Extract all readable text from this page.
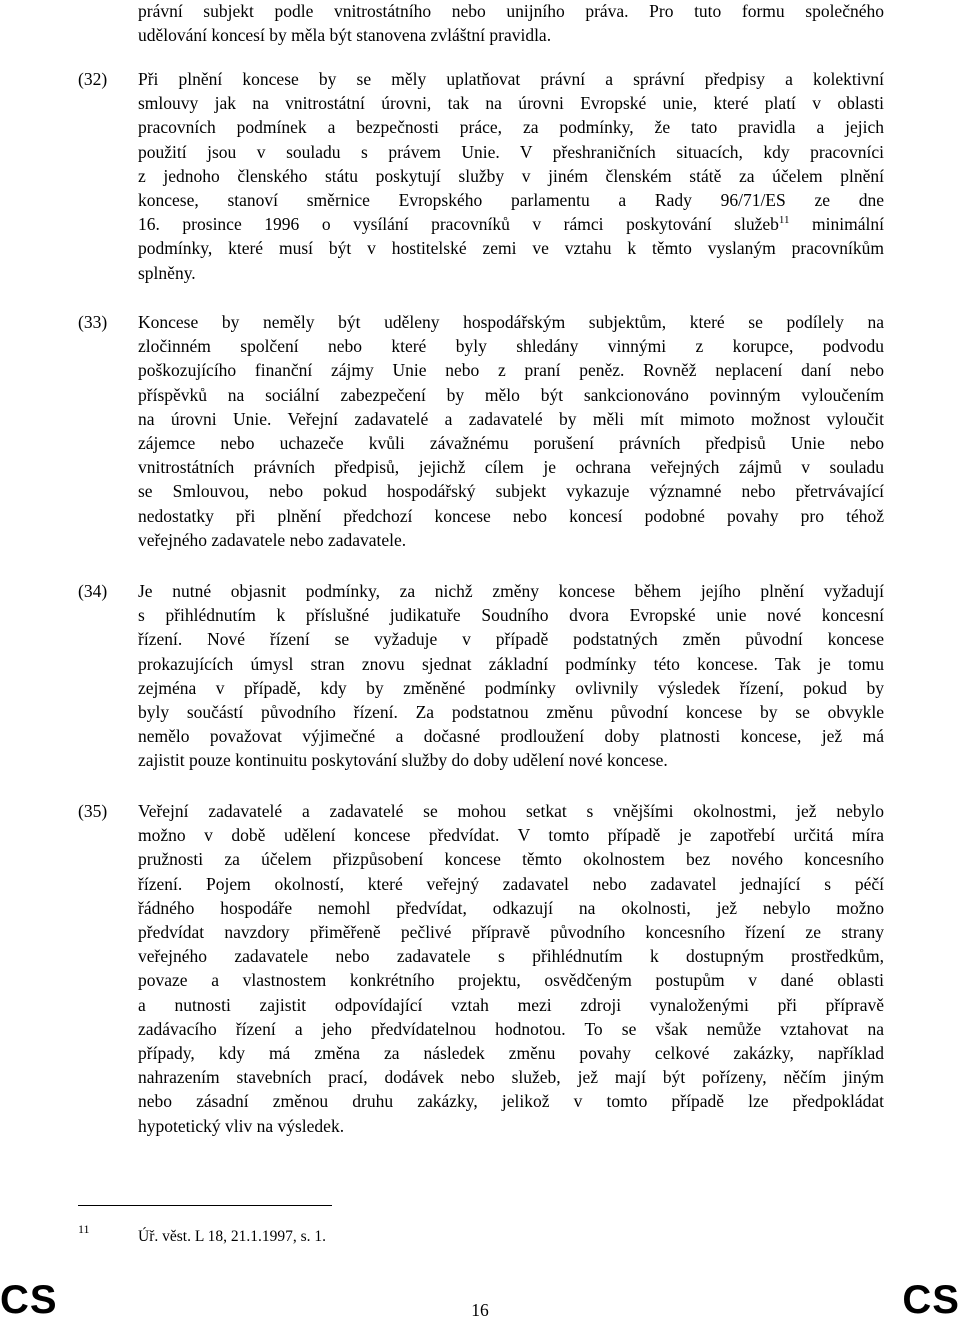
právní subjekt podle vnitrostátního nebo unijního práva. Pro tuto formu společného
udělování koncesí by měla být stanovena zvláštní pravidla.
(32) Při plnění koncese by se měly uplatňovat právní a správní předpisy a kolektivní
smlouvy jak na vnitrostátní úrovni, tak na úrovni Evropské unie, které platí v oblasti
pracovních podmínek a bezpečnosti práce, za podmínky, že tato pravidla a jejich
použití jsou v souladu s právem Unie. V přeshraničních situacích, kdy pracovníci
z jednoho členského státu poskytují služby v jiném členském státě za účelem plnění
koncese, stanoví směrnice Evropského parlamentu a Rady 96/71/ES ze dne
16. prosince 1996 o vysílání pracovníků v rámci poskytování služeb$^{11}$ minimální
podmínky, které musí být v hostitelské zemi ve vztahu k těmto vyslaným pracovníkům
splněny.
(33) Koncese by neměly být uděleny hospodářským subjektům, které se podílely na
zločinném spolčení nebo které byly shledány vinnými z korupce, podvodu
poškozujícího finanční zájmy Unie nebo z praní peněz. Rovněž neplacení daní nebo
příspěvků na sociální zabezpečení by mělo být sankcionováno povinným vyloučením
na úrovni Unie. Veřejní zadavatelé a zadavatelé by měli mít mimoto možnost vyloučit
zájemce nebo uchazeče kvůli závažnému porušení právních předpisů Unie nebo
vnitrostátních právních předpisů, jejichž cílem je ochrana veřejných zájmů v souladu
se Smlouvou, nebo pokud hospodářský subjekt vykazuje významné nebo přetrvávající
nedostatky při plnění předchozí koncese nebo koncesí podobné povahy pro téhož
veřejného zadavatele nebo zadavatele.
(34) Je nutné objasnit podmínky, za nichž změny koncese během jejího plnění vyžadují
s přihlédnutím k příslušné judikatuře Soudního dvora Evropské unie nové koncesní
řízení. Nové řízení se vyžaduje v případě podstatných změn původní koncese
prokazujících úmysl stran znovu sjednat základní podmínky této koncese. Tak je tomu
zejména v případě, kdy by změněné podmínky ovlivnily výsledek řízení, pokud by
byly součástí původního řízení. Za podstatnou změnu původní koncese by se obvykle
nemělo považovat výjimečné a dočasné prodloužení doby platnosti koncese, jež má
zajistit pouze kontinuitu poskytování služby do doby udělení nové koncese.
(35) Veřejní zadavatelé a zadavatelé se mohou setkat s vnějšími okolnostmi, jež nebylo
možno v době udělení koncese předvídat. V tomto případě je zapotřebí určitá míra
pružnosti za účelem přizpůsobení koncese těmto okolnostem bez nového koncesního
řízení. Pojem okolností, které veřejný zadavatel nebo zadavatel jednající s péčí
řádného hospodáře nemohl předvídat, odkazují na okolnosti, jež nebylo možno
předvídat navzdory přiměřeně pečlivé přípravě původního koncesního řízení ze strany
veřejného zadavatele nebo zadavatele s přihlédnutím k dostupným prostředkům,
povaze a vlastnostem konkrétního projektu, osvědčeným postupům v dané oblasti
a nutnosti zajistit odpovídající vztah mezi zdroji vynaloženými při přípravě
zadávacího řízení a jeho předvídatelnou hodnotou. To se však nemůže vztahovat na
případy, kdy má změna za následek změnu povahy celkové zakázky, například
nahrazením stavebních prací, dodávek nebo služeb, jež mají být pořízeny, něčím jiným
nebo zásadní změnou druhu zakázky, jelikož v tomto případě lze předpokládat
hypotetický vliv na výsledek.
11	Úř. věst. L 18, 21.1.1997, s. 1.
CS	16	CS
